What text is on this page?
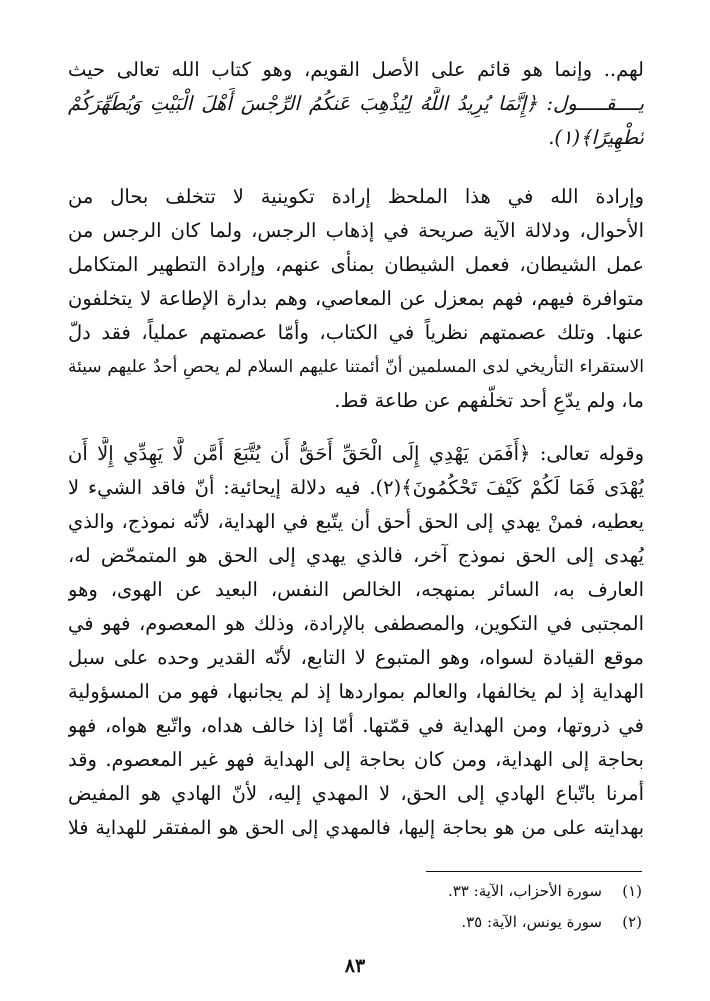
لهم.. وإنما هو قائم على الأصل القويم، وهو كتاب الله تعالى حيث
يــــقـــــول: ﴿إِنَّمَا يُرِيدُ اللَّهُ لِيُذْهِبَ عَنكُمُ الرِّجْسَ أَهْلَ الْبَيْتِ وَيُطَهِّرَكُمْ
تَطْهِيرًا﴾(١).
وإرادة الله في هذا الملحظ إرادة تكوينية لا تتخلف بحال من
الأحوال، ودلالة الآية صريحة في إذهاب الرجس، ولما كان الرجس من
عمل الشيطان، فعمل الشيطان بمنأى عنهم، وإرادة التطهير المتكامل
متوافرة فيهم، فهم بمعزل عن المعاصي، وهم بدارة الإطاعة لا يتخلفون
عنها. وتلك عصمتهم نظرياً في الكتاب، وأمّا عصمتهم عملياً، فقد دلّ
الاستقراء التأريخي لدى المسلمين أنّ أئمتنا عليهم السلام لم يحصِ أحدٌ عليهم سيئة
ما، ولم يدّعِ أحد تخلّفهم عن طاعة قط.
وقوله تعالى: ﴿أَفَمَن يَهْدِي إِلَى الْحَقِّ أَحَقُّ أَن يُتَّبَعَ أَمَّن لَّا يَهِدِّي إِلَّا أَن
يُهْدَى فَمَا لَكُمْ كَيْفَ تَحْكُمُونَ﴾(٢). فيه دلالة إيحائية: أنّ فاقد الشيء لا
يعطيه، فمنْ يهدي إلى الحق أحق أن يتّبع في الهداية، لأنّه نموذج، والذي
يُهدى إلى الحق نموذج آخر، فالذي يهدي إلى الحق هو المتمحّض له،
العارف به، السائر بمنهجه، الخالص النفس، البعيد عن الهوى، وهو
المجتبى في التكوين، والمصطفى بالإرادة، وذلك هو المعصوم، فهو في
موقع القيادة لسواه، وهو المتبوع لا التابع، لأنّه القدير وحده على سبل
الهداية إذ لم يخالفها، والعالم بمواردها إذ لم يجانبها، فهو من المسؤولية
في ذروتها، ومن الهداية في قمّتها. أمّا إذا خالف هداه، واتّبع هواه، فهو
بحاجة إلى الهداية، ومن كان بحاجة إلى الهداية فهو غير المعصوم. وقد
أمرنا باتّباع الهادي إلى الحق، لا المهدي إليه، لأنّ الهادي هو المفيض
بهدايته على من هو بحاجة إليها، فالمهدي إلى الحق هو المفتقر للهداية فلا
(١)سورة الأحزاب، الآية: ٣٣.
(٢)سورة يونس، الآية: ٣٥.
٨٣
